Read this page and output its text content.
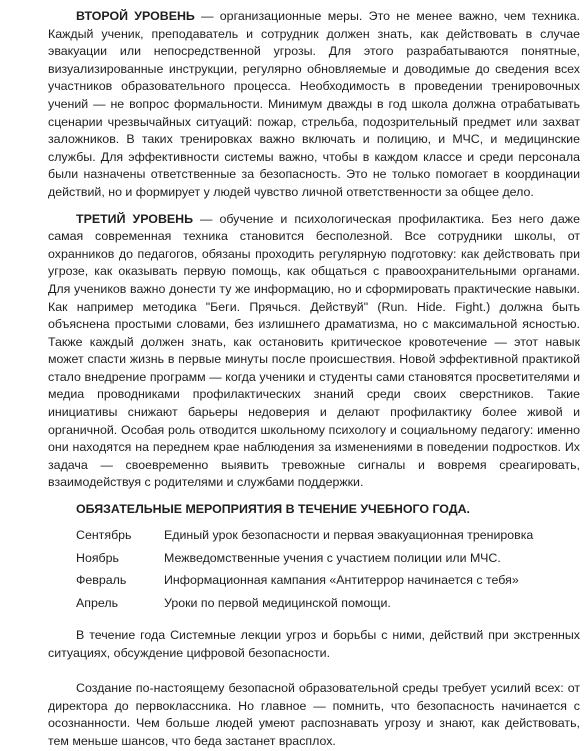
ВТОРОЙ УРОВЕНЬ — организационные меры. Это не менее важно, чем техника. Каждый ученик, преподаватель и сотрудник должен знать, как действовать в случае эвакуации или непосредственной угрозы. Для этого разрабатываются понятные, визуализированные инструкции, регулярно обновляемые и доводимые до сведения всех участников образовательного процесса. Необходимость в проведении тренировочных учений — не вопрос формальности. Минимум дважды в год школа должна отрабатывать сценарии чрезвычайных ситуаций: пожар, стрельба, подозрительный предмет или захват заложников. В таких тренировках важно включать и полицию, и МЧС, и медицинские службы. Для эффективности системы важно, чтобы в каждом классе и среди персонала были назначены ответственные за безопасность. Это не только помогает в координации действий, но и формирует у людей чувство личной ответственности за общее дело.

ТРЕТИЙ УРОВЕНЬ — обучение и психологическая профилактика. Без него даже самая современная техника становится бесполезной. Все сотрудники школы, от охранников до педагогов, обязаны проходить регулярную подготовку: как действовать при угрозе, как оказывать первую помощь, как общаться с правоохранительными органами. Для учеников важно донести ту же информацию, но и сформировать практические навыки. Как например методика "Беги. Прячься. Действуй" (Run. Hide. Fight.) должна быть объяснена простыми словами, без излишнего драматизма, но с максимальной ясностью. Также каждый должен знать, как остановить критическое кровотечение — этот навык может спасти жизнь в первые минуты после происшествия. Новой эффективной практикой стало внедрение программ — когда ученики и студенты сами становятся просветителями и медиа проводниками профилактических знаний среди своих сверстников. Такие инициативы снижают барьеры недоверия и делают профилактику более живой и органичной. Особая роль отводится школьному психологу и социальному педагогу: именно они находятся на переднем крае наблюдения за изменениями в поведении подростков. Их задача — своевременно выявить тревожные сигналы и вовремя среагировать, взаимодействуя с родителями и службами поддержки.

ОБЯЗАТЕЛЬНЫЕ МЕРОПРИЯТИЯ В ТЕЧЕНИЕ УЧЕБНОГО ГОДА.
Сентябрь	Единый урок безопасности и первая эвакуационная тренировка
Ноябрь	Межведомственные учения с участием полиции или МЧС.
Февраль	Информационная кампания «Антитеррор начинается с тебя»
Апрель	Уроки по первой медицинской помощи.

В течение года Системные лекции угроз и борьбы с ними, действий при экстренных ситуациях, обсуждение цифровой безопасности.

Создание по-настоящему безопасной образовательной среды требует усилий всех: от директора до первоклассника. Но главное — помнить, что безопасность начинается с осознанности. Чем больше людей умеют распознавать угрозу и знают, как действовать, тем меньше шансов, что беда застанет врасплох.
